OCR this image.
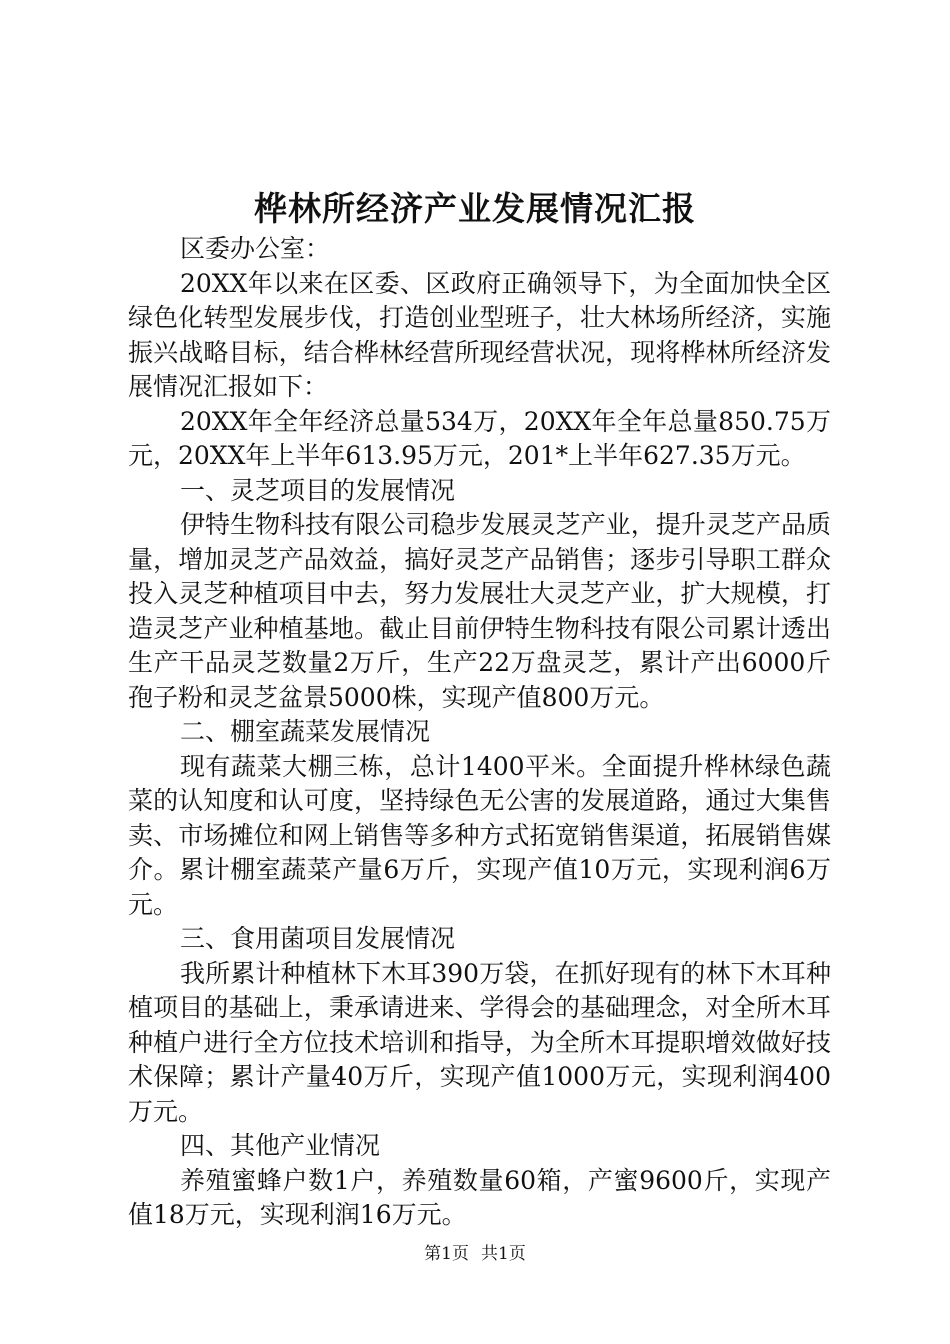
桦林所经济产业发展情况汇报

区委办公室：

20XX年以来在区委、区政府正确领导下，为全面加快全区绿色化转型发展步伐，打造创业型班子，壮大林场所经济，实施振兴战略目标，结合桦林经营所现经营状况，现将桦林所经济发展情况汇报如下：

20XX年全年经济总量534万，20XX年全年总量850.75万元，20XX年上半年613.95万元，201*上半年627.35万元。

一、灵芝项目的发展情况

伊特生物科技有限公司稳步发展灵芝产业，提升灵芝产品质量，增加灵芝产品效益，搞好灵芝产品销售；逐步引导职工群众投入灵芝种植项目中去，努力发展壮大灵芝产业，扩大规模，打造灵芝产业种植基地。截止目前伊特生物科技有限公司累计透出生产干品灵芝数量2万斤，生产22万盘灵芝，累计产出6000斤孢子粉和灵芝盆景5000株，实现产值800万元。

二、棚室蔬菜发展情况

现有蔬菜大棚三栋，总计1400平米。全面提升桦林绿色蔬菜的认知度和认可度，坚持绿色无公害的发展道路，通过大集售卖、市场摊位和网上销售等多种方式拓宽销售渠道，拓展销售媒介。累计棚室蔬菜产量6万斤，实现产值10万元，实现利润6万元。

三、食用菌项目发展情况

我所累计种植林下木耳390万袋，在抓好现有的林下木耳种植项目的基础上，秉承请进来、学得会的基础理念，对全所木耳种植户进行全方位技术培训和指导，为全所木耳提职增效做好技术保障；累计产量40万斤，实现产值1000万元，实现利润400万元。

四、其他产业情况

养殖蜜蜂户数1户，养殖数量60箱，产蜜9600斤，实现产值18万元，实现利润16万元。

第1页 共1页
